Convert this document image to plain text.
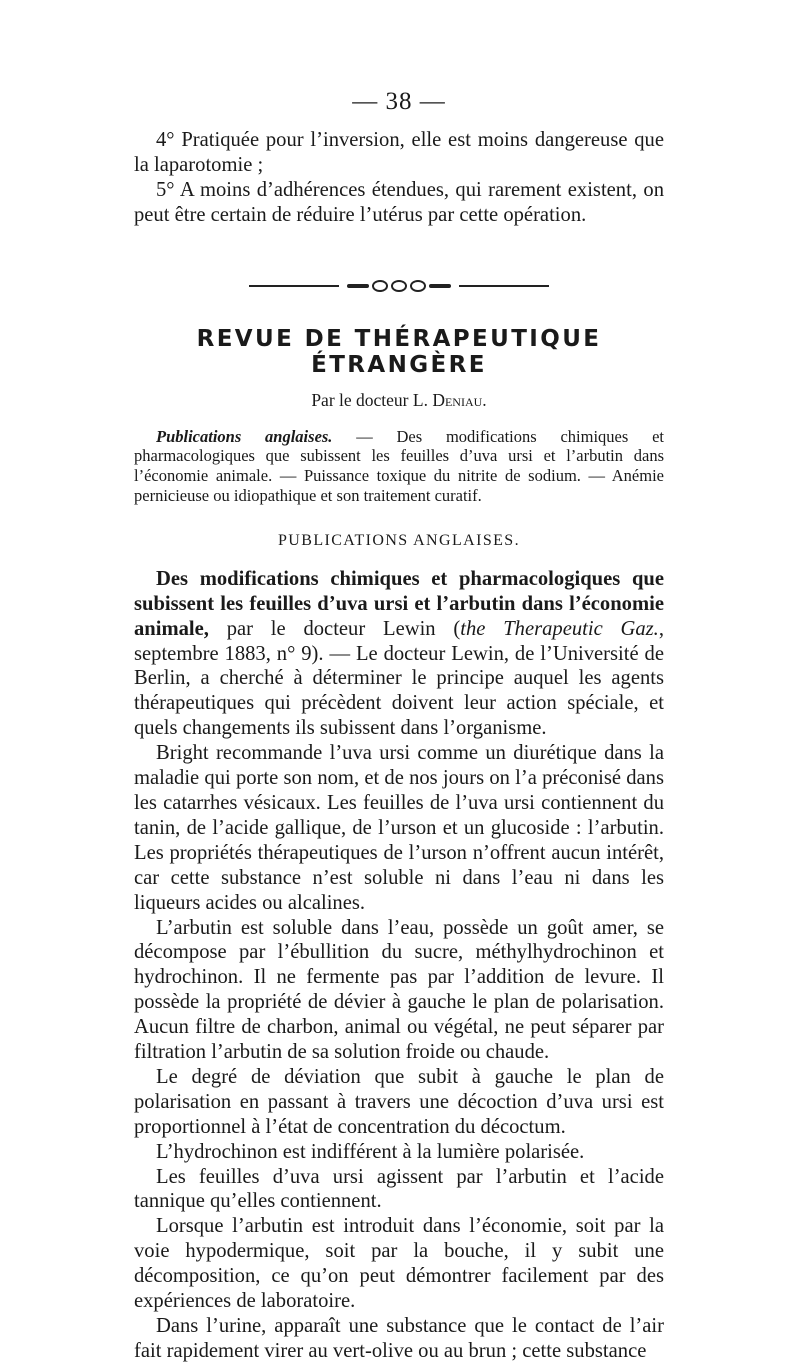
— 38 —

4° Pratiquée pour l’inversion, elle est moins dangereuse que la laparotomie ;

5° A moins d’adhérences étendues, qui rarement existent, on peut être certain de réduire l’utérus par cette opération.

REVUE DE THÉRAPEUTIQUE ÉTRANGÈRE
Par le docteur L. Deniau.

Publications anglaises. — Des modifications chimiques et pharmacologiques que subissent les feuilles d’uva ursi et l’arbutin dans l’économie animale. — Puissance toxique du nitrite de sodium. — Anémie pernicieuse ou idiopathique et son traitement curatif.

PUBLICATIONS ANGLAISES.

Des modifications chimiques et pharmacologiques que subissent les feuilles d’uva ursi et l’arbutin dans l’économie animale, par le docteur Lewin (the Therapeutic Gaz., septembre 1883, n° 9). — Le docteur Lewin, de l’Université de Berlin, a cherché à déterminer le principe auquel les agents thérapeutiques qui précèdent doivent leur action spéciale, et quels changements ils subissent dans l’organisme.

Bright recommande l’uva ursi comme un diurétique dans la maladie qui porte son nom, et de nos jours on l’a préconisé dans les catarrhes vésicaux. Les feuilles de l’uva ursi contiennent du tanin, de l’acide gallique, de l’urson et un glucoside : l’arbutin. Les propriétés thérapeutiques de l’urson n’offrent aucun intérêt, car cette substance n’est soluble ni dans l’eau ni dans les liqueurs acides ou alcalines.

L’arbutin est soluble dans l’eau, possède un goût amer, se décompose par l’ébullition du sucre, méthylhydrochinon et hydrochinon. Il ne fermente pas par l’addition de levure. Il possède la propriété de dévier à gauche le plan de polarisation. Aucun filtre de charbon, animal ou végétal, ne peut séparer par filtration l’arbutin de sa solution froide ou chaude.

Le degré de déviation que subit à gauche le plan de polarisation en passant à travers une décoction d’uva ursi est proportionnel à l’état de concentration du décoctum.

L’hydrochinon est indifférent à la lumière polarisée.

Les feuilles d’uva ursi agissent par l’arbutin et l’acide tannique qu’elles contiennent.

Lorsque l’arbutin est introduit dans l’économie, soit par la voie hypodermique, soit par la bouche, il y subit une décomposition, ce qu’on peut démontrer facilement par des expériences de laboratoire.

Dans l’urine, apparaît une substance que le contact de l’air fait rapidement virer au vert-olive ou au brun ; cette substance
